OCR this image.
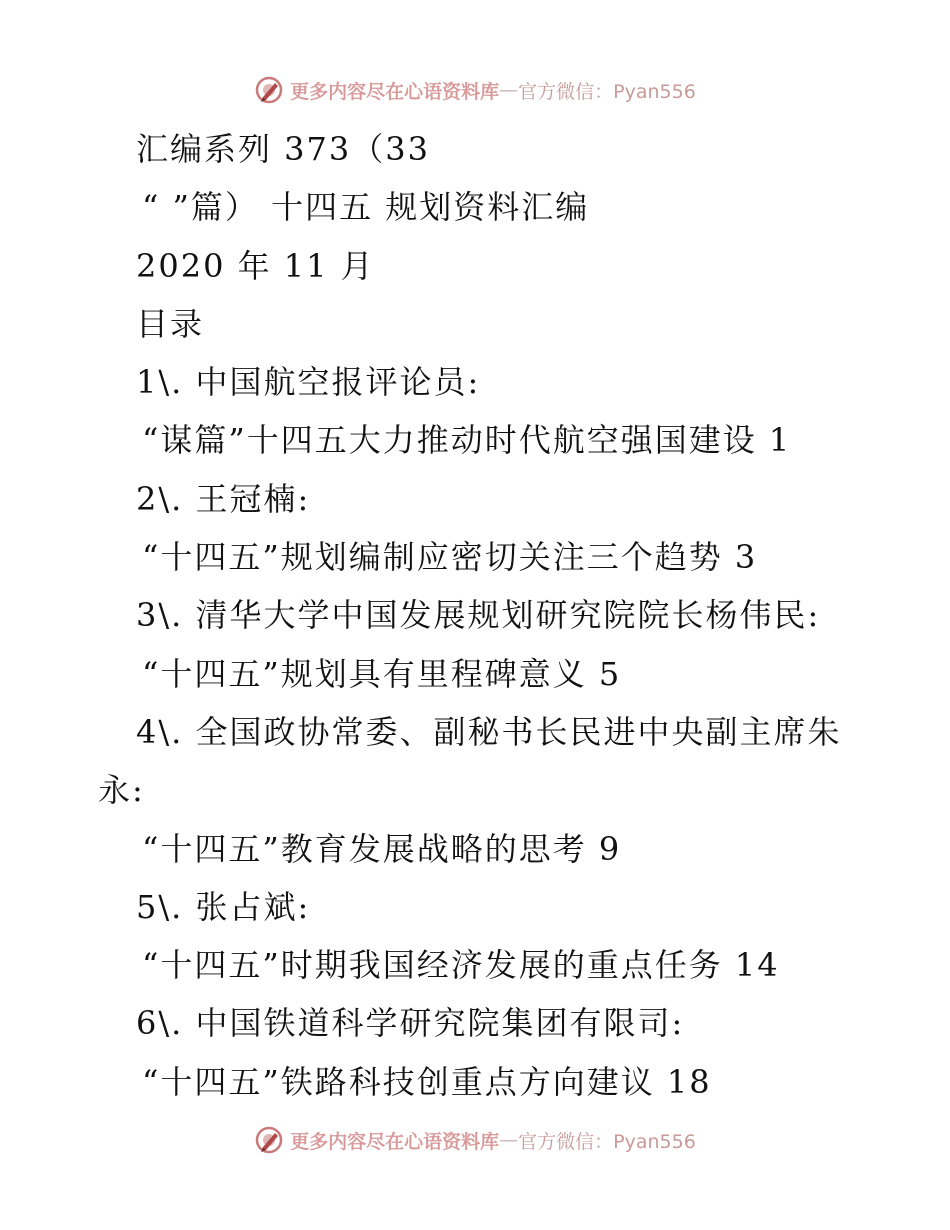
更多内容尽在心语资料库 — 官方微信：Pyan556
汇编系列 373（33
“ ”篇） 十四五 规划资料汇编
2020 年 11 月
目录
1\. 中国航空报评论员:
“谋篇”十四五大力推动时代航空强国建设 1
2\. 王冠楠:
“十四五”规划编制应密切关注三个趋势 3
3\. 清华大学中国发展规划研究院院长杨伟民:
“十四五”规划具有里程碑意义 5
4\. 全国政协常委、副秘书长民进中央副主席朱
永:
“十四五”教育发展战略的思考 9
5\. 张占斌:
“十四五”时期我国经济发展的重点任务 14
6\. 中国铁道科学研究院集团有限司:
“十四五”铁路科技创重点方向建议 18
更多内容尽在心语资料库 — 官方微信：Pyan556
